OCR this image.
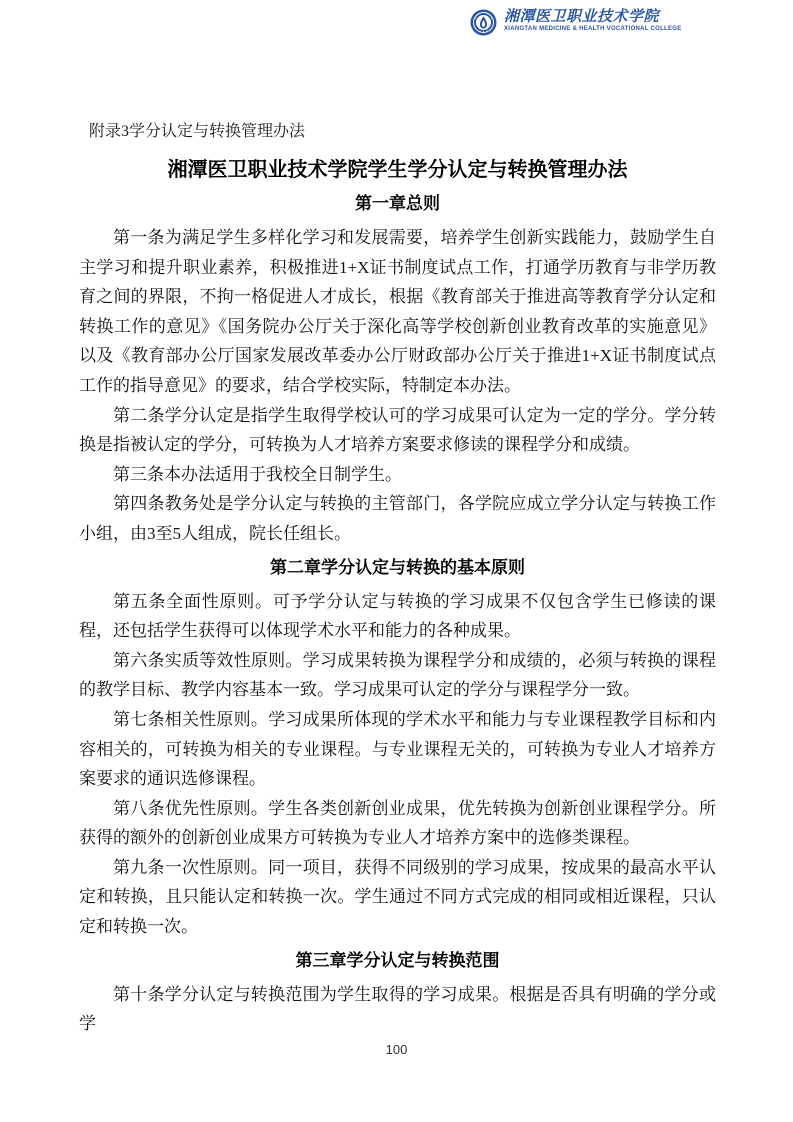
湘潭医卫职业技术学院
XIANGTAN MEDICINE & HEALTH VOCATIONAL COLLEGE

附录3学分认定与转换管理办法

湘潭医卫职业技术学院学生学分认定与转换管理办法
第一章总则

第一条为满足学生多样化学习和发展需要，培养学生创新实践能力，鼓励学生自主学习和提升职业素养，积极推进1+X证书制度试点工作，打通学历教育与非学历教育之间的界限，不拘一格促进人才成长，根据《教育部关于推进高等教育学分认定和转换工作的意见》《国务院办公厅关于深化高等学校创新创业教育改革的实施意见》以及《教育部办公厅国家发展改革委办公厅财政部办公厅关于推进1+X证书制度试点工作的指导意见》的要求，结合学校实际，特制定本办法。

第二条学分认定是指学生取得学校认可的学习成果可认定为一定的学分。学分转换是指被认定的学分，可转换为人才培养方案要求修读的课程学分和成绩。

第三条本办法适用于我校全日制学生。

第四条教务处是学分认定与转换的主管部门，各学院应成立学分认定与转换工作小组，由3至5人组成，院长任组长。

第二章学分认定与转换的基本原则

第五条全面性原则。可予学分认定与转换的学习成果不仅包含学生已修读的课程，还包括学生获得可以体现学术水平和能力的各种成果。

第六条实质等效性原则。学习成果转换为课程学分和成绩的，必须与转换的课程的教学目标、教学内容基本一致。学习成果可认定的学分与课程学分一致。

第七条相关性原则。学习成果所体现的学术水平和能力与专业课程教学目标和内容相关的，可转换为相关的专业课程。与专业课程无关的，可转换为专业人才培养方案要求的通识选修课程。

第八条优先性原则。学生各类创新创业成果，优先转换为创新创业课程学分。所获得的额外的创新创业成果方可转换为专业人才培养方案中的选修类课程。

第九条一次性原则。同一项目，获得不同级别的学习成果，按成果的最高水平认定和转换，且只能认定和转换一次。学生通过不同方式完成的相同或相近课程，只认定和转换一次。

第三章学分认定与转换范围

第十条学分认定与转换范围为学生取得的学习成果。根据是否具有明确的学分或学

100
